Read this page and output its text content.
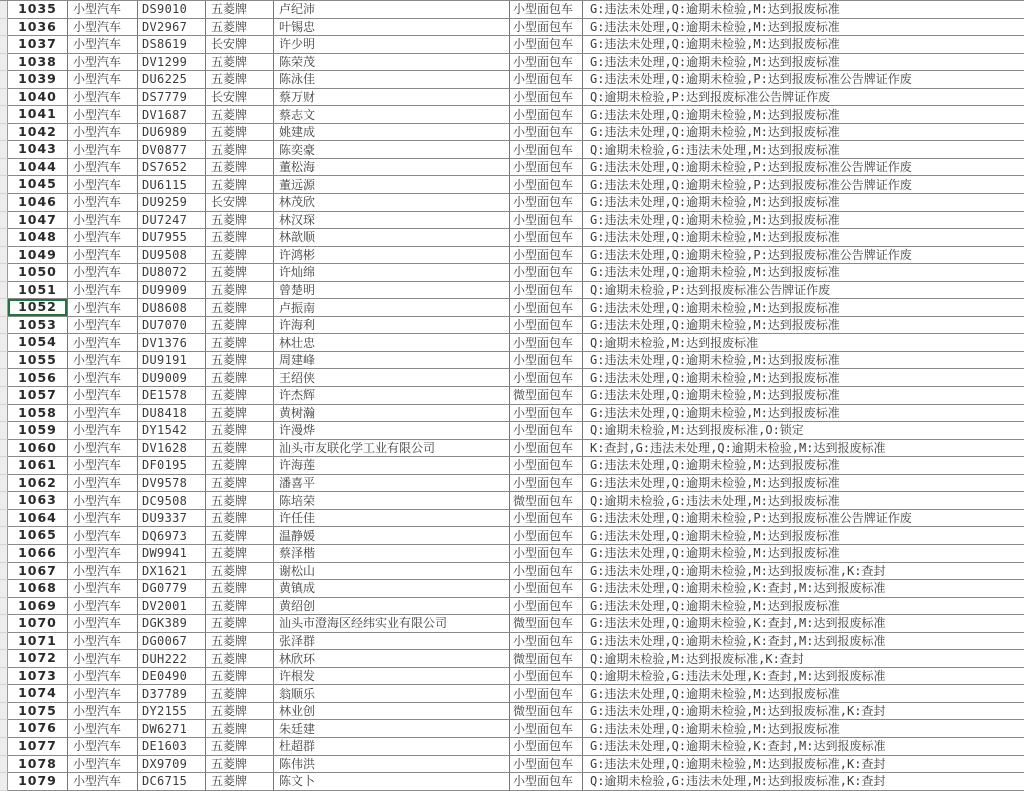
1035	小型汽车	DS9010	五菱牌	卢纪沛	小型面包车	G:违法未处理,Q:逾期未检验,M:达到报废标准
1036	小型汽车	DV2967	五菱牌	叶锡忠	小型面包车	G:违法未处理,Q:逾期未检验,M:达到报废标准
1037	小型汽车	DS8619	长安牌	许少明	小型面包车	G:违法未处理,Q:逾期未检验,M:达到报废标准
1038	小型汽车	DV1299	五菱牌	陈荣茂	小型面包车	G:违法未处理,Q:逾期未检验,M:达到报废标准
1039	小型汽车	DU6225	五菱牌	陈泳佳	小型面包车	G:违法未处理,Q:逾期未检验,P:达到报废标准公告牌证作废
1040	小型汽车	DS7779	长安牌	蔡万财	小型面包车	Q:逾期未检验,P:达到报废标准公告牌证作废
1041	小型汽车	DV1687	五菱牌	蔡志文	小型面包车	G:违法未处理,Q:逾期未检验,M:达到报废标准
1042	小型汽车	DU6989	五菱牌	姚建成	小型面包车	G:违法未处理,Q:逾期未检验,M:达到报废标准
1043	小型汽车	DV0877	五菱牌	陈奕豪	小型面包车	Q:逾期未检验,G:违法未处理,M:达到报废标准
1044	小型汽车	DS7652	五菱牌	董松海	小型面包车	G:违法未处理,Q:逾期未检验,P:达到报废标准公告牌证作废
1045	小型汽车	DU6115	五菱牌	董远源	小型面包车	G:违法未处理,Q:逾期未检验,P:达到报废标准公告牌证作废
1046	小型汽车	DU9259	长安牌	林茂欣	小型面包车	G:违法未处理,Q:逾期未检验,M:达到报废标准
1047	小型汽车	DU7247	五菱牌	林汉琛	小型面包车	G:违法未处理,Q:逾期未检验,M:达到报废标准
1048	小型汽车	DU7955	五菱牌	林歆顺	小型面包车	G:违法未处理,Q:逾期未检验,M:达到报废标准
1049	小型汽车	DU9508	五菱牌	许鸿彬	小型面包车	G:违法未处理,Q:逾期未检验,P:达到报废标准公告牌证作废
1050	小型汽车	DU8072	五菱牌	许灿绵	小型面包车	G:违法未处理,Q:逾期未检验,M:达到报废标准
1051	小型汽车	DU9909	五菱牌	曾楚明	小型面包车	Q:逾期未检验,P:达到报废标准公告牌证作废
1052	小型汽车	DU8608	五菱牌	卢振南	小型面包车	G:违法未处理,Q:逾期未检验,M:达到报废标准
1053	小型汽车	DU7070	五菱牌	许海利	小型面包车	G:违法未处理,Q:逾期未检验,M:达到报废标准
1054	小型汽车	DV1376	五菱牌	林壮忠	小型面包车	Q:逾期未检验,M:达到报废标准
1055	小型汽车	DU9191	五菱牌	周建峰	小型面包车	G:违法未处理,Q:逾期未检验,M:达到报废标准
1056	小型汽车	DU9009	五菱牌	王绍侠	小型面包车	G:违法未处理,Q:逾期未检验,M:达到报废标准
1057	小型汽车	DE1578	五菱牌	许杰辉	微型面包车	G:违法未处理,Q:逾期未检验,M:达到报废标准
1058	小型汽车	DU8418	五菱牌	黄树瀚	小型面包车	G:违法未处理,Q:逾期未检验,M:达到报废标准
1059	小型汽车	DY1542	五菱牌	许漫烨	小型面包车	Q:逾期未检验,M:达到报废标准,O:锁定
1060	小型汽车	DV1628	五菱牌	汕头市友联化学工业有限公司	小型面包车	K:查封,G:违法未处理,Q:逾期未检验,M:达到报废标准
1061	小型汽车	DF0195	五菱牌	许海莲	小型面包车	G:违法未处理,Q:逾期未检验,M:达到报废标准
1062	小型汽车	DV9578	五菱牌	潘喜平	小型面包车	G:违法未处理,Q:逾期未检验,M:达到报废标准
1063	小型汽车	DC9508	五菱牌	陈培荣	微型面包车	Q:逾期未检验,G:违法未处理,M:达到报废标准
1064	小型汽车	DU9337	五菱牌	许任佳	小型面包车	G:违法未处理,Q:逾期未检验,P:达到报废标准公告牌证作废
1065	小型汽车	DQ6973	五菱牌	温静媛	小型面包车	G:违法未处理,Q:逾期未检验,M:达到报废标准
1066	小型汽车	DW9941	五菱牌	蔡泽楷	小型面包车	G:违法未处理,Q:逾期未检验,M:达到报废标准
1067	小型汽车	DX1621	五菱牌	谢松山	小型面包车	G:违法未处理,Q:逾期未检验,M:达到报废标准,K:查封
1068	小型汽车	DG0779	五菱牌	黄镇成	小型面包车	G:违法未处理,Q:逾期未检验,K:查封,M:达到报废标准
1069	小型汽车	DV2001	五菱牌	黄绍创	小型面包车	G:违法未处理,Q:逾期未检验,M:达到报废标准
1070	小型汽车	DGK389	五菱牌	汕头市澄海区经纬实业有限公司	微型面包车	G:违法未处理,Q:逾期未检验,K:查封,M:达到报废标准
1071	小型汽车	DG0067	五菱牌	张泽群	小型面包车	G:违法未处理,Q:逾期未检验,K:查封,M:达到报废标准
1072	小型汽车	DUH222	五菱牌	林欣环	微型面包车	Q:逾期未检验,M:达到报废标准,K:查封
1073	小型汽车	DE0490	五菱牌	许根发	小型面包车	Q:逾期未检验,G:违法未处理,K:查封,M:达到报废标准
1074	小型汽车	D37789	五菱牌	翁顺乐	小型面包车	G:违法未处理,Q:逾期未检验,M:达到报废标准
1075	小型汽车	DY2155	五菱牌	林业创	微型面包车	G:违法未处理,Q:逾期未检验,M:达到报废标准,K:查封
1076	小型汽车	DW6271	五菱牌	朱廷建	小型面包车	G:违法未处理,Q:逾期未检验,M:达到报废标准
1077	小型汽车	DE1603	五菱牌	杜超群	小型面包车	G:违法未处理,Q:逾期未检验,K:查封,M:达到报废标准
1078	小型汽车	DX9709	五菱牌	陈伟洪	小型面包车	G:违法未处理,Q:逾期未检验,M:达到报废标准,K:查封
1079	小型汽车	DC6715	五菱牌	陈文卜	小型面包车	Q:逾期未检验,G:违法未处理,M:达到报废标准,K:查封
